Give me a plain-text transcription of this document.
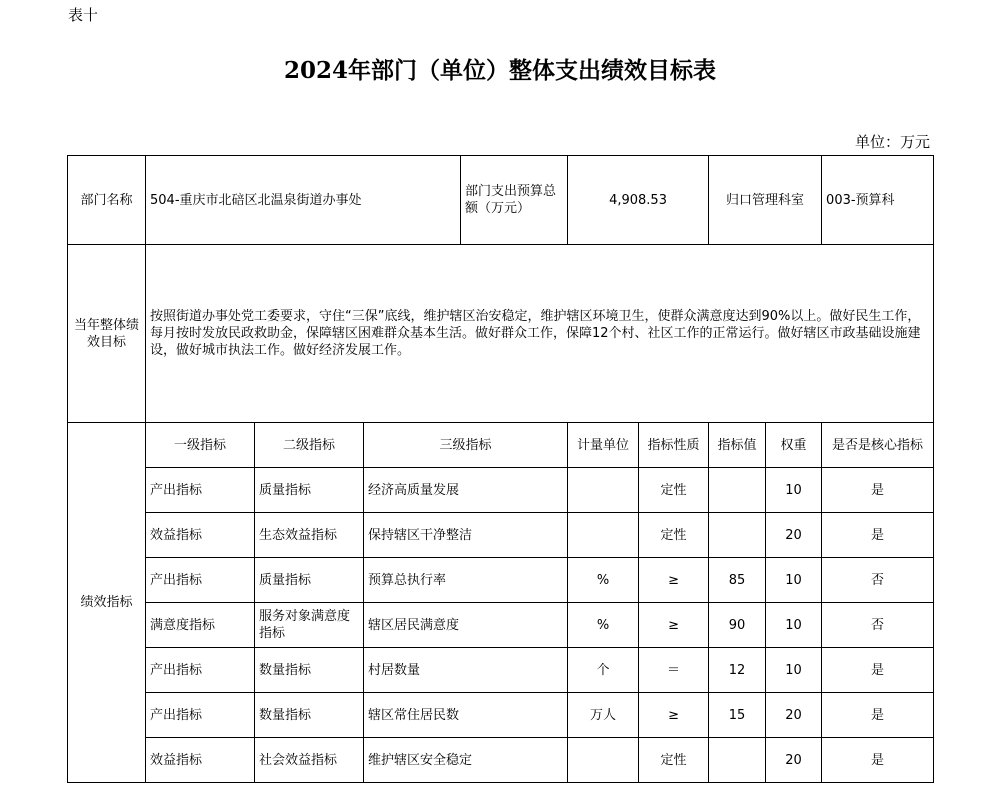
表十
2024年部门（单位）整体支出绩效目标表
单位：万元
部门名称	504-重庆市北碚区北温泉街道办事处			部门支出预算总额（万元）	4,908.53		归口管理科室		003-预算科
当年整体绩效目标	按照街道办事处党工委要求，守住“三保”底线，维护辖区治安稳定，维护辖区环境卫生，使群众满意度达到90%以上。做好民生工作，每月按时发放民政救助金，保障辖区困难群众基本生活。做好群众工作，保障12个村、社区工作的正常运行。做好辖区市政基础设施建设，做好城市执法工作。做好经济发展工作。								
绩效指标	一级指标	二级指标	三级指标		计量单位	指标性质	指标值	权重	是否是核心指标
	产出指标	质量指标	经济高质量发展			定性		10	是
	效益指标	生态效益指标	保持辖区干净整洁			定性		20	是
	产出指标	质量指标	预算总执行率		%	≥	85	10	否
	满意度指标	服务对象满意度指标	辖区居民满意度		%	≥	90	10	否
	产出指标	数量指标	村居数量		个	＝	12	10	是
	产出指标	数量指标	辖区常住居民数		万人	≥	15	20	是
	效益指标	社会效益指标	维护辖区安全稳定			定性		20	是
